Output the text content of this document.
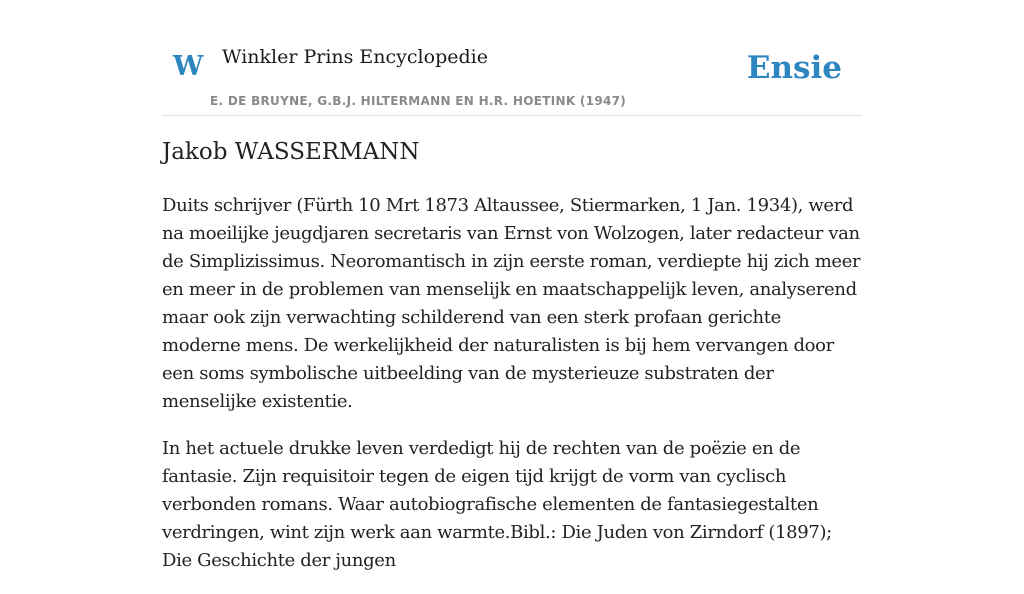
W Winkler Prins Encyclopedie
E. DE BRUYNE, G.B.J. HILTERMANN EN H.R. HOETINK (1947)
Ensie
Jakob WASSERMANN

Duits schrijver (Fürth 10 Mrt 1873 Altaussee, Stiermarken, 1 Jan. 1934), werd na moeilijke jeugdjaren secretaris van Ernst von Wolzogen, later redacteur van de Simplizissimus. Neoromantisch in zijn eerste roman, verdiepte hij zich meer en meer in de problemen van menselijk en maatschappelijk leven, analyserend maar ook zijn verwachting schilderend van een sterk profaan gerichte moderne mens. De werkelijkheid der naturalisten is bij hem vervangen door een soms symbolische uitbeelding van de mysterieuze substraten der menselijke existentie.

In het actuele drukke leven verdedigt hij de rechten van de poëzie en de fantasie. Zijn requisitoir tegen de eigen tijd krijgt de vorm van cyclisch verbonden romans. Waar autobiografische elementen de fantasiegestalten verdringen, wint zijn werk aan warmte.Bibl.: Die Juden von Zirndorf (1897); Die Geschichte der jungen
